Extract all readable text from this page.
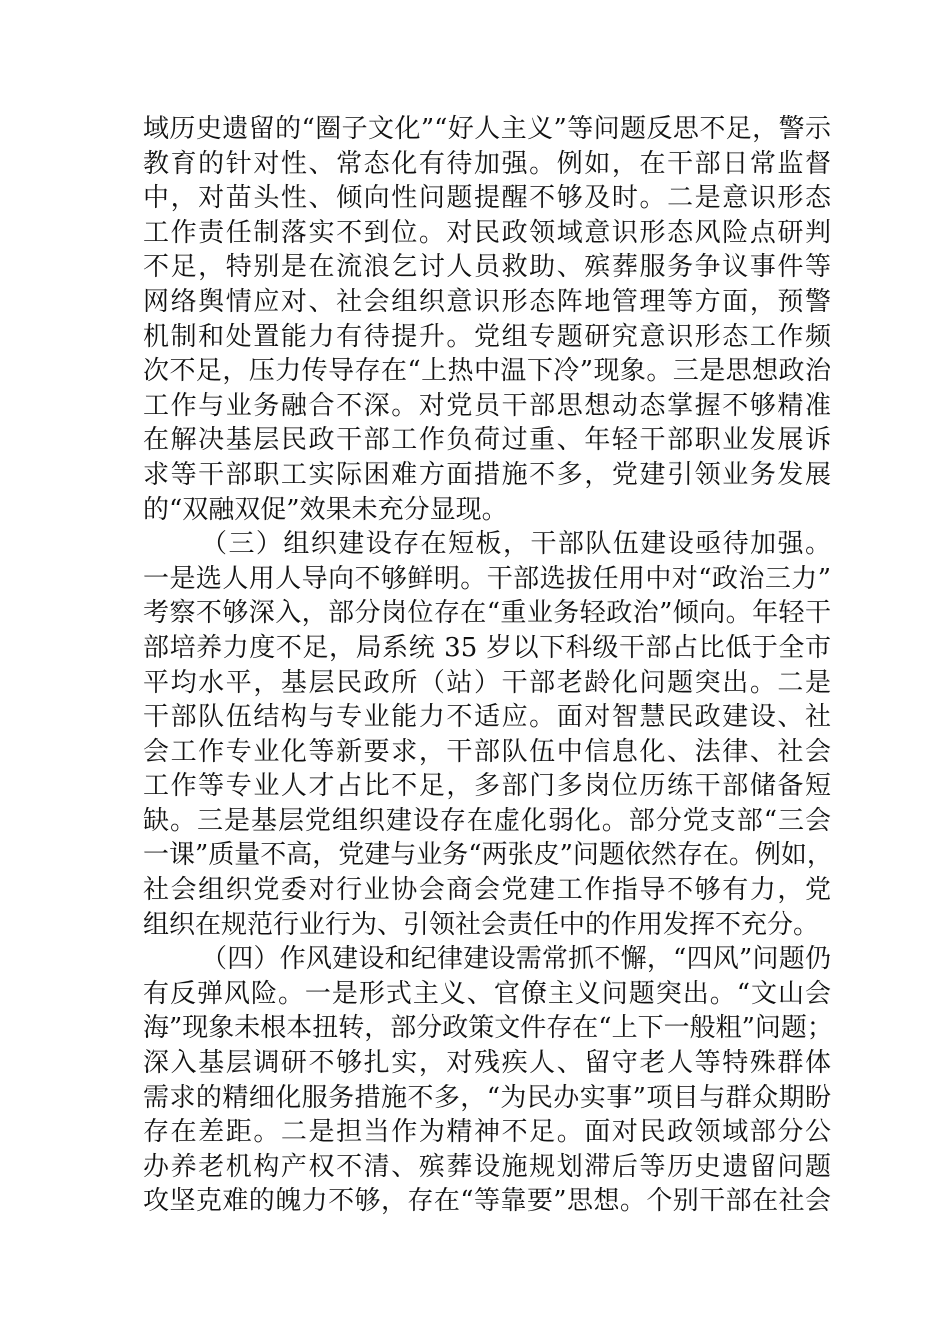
域历史遗留的“圈子文化”“好人主义”等问题反思不足，警示
教育的针对性、常态化有待加强。例如，在干部日常监督
中，对苗头性、倾向性问题提醒不够及时。二是意识形态
工作责任制落实不到位。对民政领域意识形态风险点研判
不足，特别是在流浪乞讨人员救助、殡葬服务争议事件等
网络舆情应对、社会组织意识形态阵地管理等方面，预警
机制和处置能力有待提升。党组专题研究意识形态工作频
次不足，压力传导存在“上热中温下冷”现象。三是思想政治
工作与业务融合不深。对党员干部思想动态掌握不够精准
在解决基层民政干部工作负荷过重、年轻干部职业发展诉
求等干部职工实际困难方面措施不多，党建引领业务发展
的“双融双促”效果未充分显现。
（三）组织建设存在短板，干部队伍建设亟待加强。
一是选人用人导向不够鲜明。干部选拔任用中对“政治三力”
考察不够深入，部分岗位存在“重业务轻政治”倾向。年轻干
部培养力度不足，局系统 35 岁以下科级干部占比低于全市
平均水平，基层民政所（站）干部老龄化问题突出。二是
干部队伍结构与专业能力不适应。面对智慧民政建设、社
会工作专业化等新要求，干部队伍中信息化、法律、社会
工作等专业人才占比不足，多部门多岗位历练干部储备短
缺。三是基层党组织建设存在虚化弱化。部分党支部“三会
一课”质量不高，党建与业务“两张皮”问题依然存在。例如，
社会组织党委对行业协会商会党建工作指导不够有力，党
组织在规范行业行为、引领社会责任中的作用发挥不充分。
（四）作风建设和纪律建设需常抓不懈，“四风”问题仍
有反弹风险。一是形式主义、官僚主义问题突出。“文山会
海”现象未根本扭转，部分政策文件存在“上下一般粗”问题；
深入基层调研不够扎实，对残疾人、留守老人等特殊群体
需求的精细化服务措施不多，“为民办实事”项目与群众期盼
存在差距。二是担当作为精神不足。面对民政领域部分公
办养老机构产权不清、殡葬设施规划滞后等历史遗留问题
攻坚克难的魄力不够，存在“等靠要”思想。个别干部在社会
